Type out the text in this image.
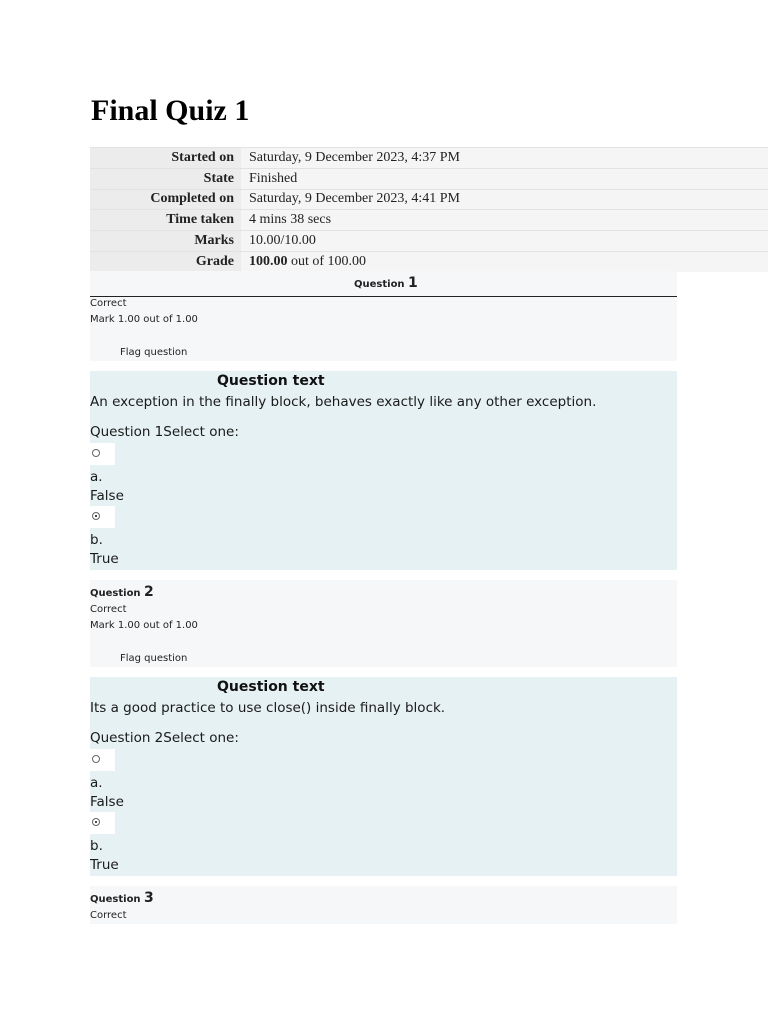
Final Quiz 1
Started on	Saturday, 9 December 2023, 4:37 PM
State	Finished
Completed on	Saturday, 9 December 2023, 4:41 PM
Time taken	4 mins 38 secs
Marks	10.00/10.00
Grade	100.00 out of 100.00
Question 1
Correct
Mark 1.00 out of 1.00
Flag question
Question text
An exception in the finally block, behaves exactly like any other exception.
Question 1Select one:
a.
False
b.
True
Question 2
Correct
Mark 1.00 out of 1.00
Flag question
Question text
Its a good practice to use close() inside finally block.
Question 2Select one:
a.
False
b.
True
Question 3
Correct
